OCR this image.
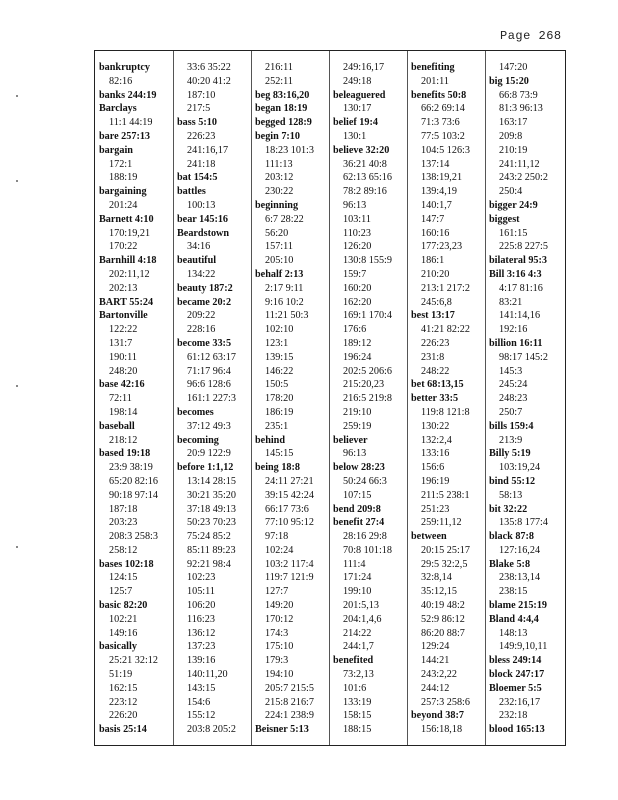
Page 268
bankruptcy
82:16
banks 244:19
Barclays
11:1 44:19
bare 257:13
bargain
172:1
188:19
bargaining
201:24
Barnett 4:10
170:19,21
170:22
Barnhill 4:18
202:11,12
202:13
BART 55:24
Bartonville
122:22
131:7
190:11
248:20
base 42:16
72:11
198:14
baseball
218:12
based 19:18
23:9 38:19
65:20 82:16
90:18 97:14
187:18
203:23
208:3 258:3
258:12
bases 102:18
124:15
125:7
basic 82:20
102:21
149:16
basically
25:21 32:12
51:19
162:15
223:12
226:20
basis 25:14
33:6 35:22
40:20 41:2
187:10
217:5
bass 5:10
226:23
241:16,17
241:18
bat 154:5
battles
100:13
bear 145:16
Beardstown
34:16
beautiful
134:22
beauty 187:2
became 20:2
209:22
228:16
become 33:5
61:12 63:17
71:17 96:4
96:6 128:6
161:1 227:3
becomes
37:12 49:3
becoming
20:9 122:9
before 1:1,12
13:14 28:15
30:21 35:20
37:18 49:13
50:23 70:23
75:24 85:2
85:11 89:23
92:21 98:4
102:23
105:11
106:20
116:23
136:12
137:23
139:16
140:11,20
143:15
154:6
155:12
203:8 205:2
216:11
252:11
beg 83:16,20
began 18:19
begged 128:9
begin 7:10
18:23 101:3
111:13
203:12
230:22
beginning
6:7 28:22
56:20
157:11
205:10
behalf 2:13
2:17 9:11
9:16 10:2
11:21 50:3
102:10
123:1
139:15
146:22
150:5
178:20
186:19
235:1
behind
145:15
being 18:8
24:11 27:21
39:15 42:24
66:17 73:6
77:10 95:12
97:18
102:24
103:2 117:4
119:7 121:9
127:7
149:20
170:12
174:3
175:10
179:3
194:10
205:7 215:5
215:8 216:7
224:1 238:9
Beisner 5:13
249:16,17
249:18
beleaguered
130:17
belief 19:4
130:1
believe 32:20
36:21 40:8
62:13 65:16
78:2 89:16
96:13
103:11
110:23
126:20
130:8 155:9
159:7
160:20
162:20
169:1 170:4
176:6
189:12
196:24
202:5 206:6
215:20,23
216:5 219:8
219:10
259:19
believer
96:13
below 28:23
50:24 66:3
107:15
bend 209:8
benefit 27:4
28:16 29:8
70:8 101:18
111:4
171:24
199:10
201:5,13
204:1,4,6
214:22
244:1,7
benefited
73:2,13
101:6
133:19
158:15
188:15
benefiting
201:11
benefits 50:8
66:2 69:14
71:3 73:6
77:5 103:2
104:5 126:3
137:14
138:19,21
139:4,19
140:1,7
147:7
160:16
177:23,23
186:1
210:20
213:1 217:2
245:6,8
best 13:17
41:21 82:22
226:23
231:8
248:22
bet 68:13,15
better 33:5
119:8 121:8
130:22
132:2,4
133:16
156:6
196:19
211:5 238:1
251:23
259:11,12
between
20:15 25:17
29:5 32:2,5
32:8,14
35:12,15
40:19 48:2
52:9 86:12
86:20 88:7
129:24
144:21
243:2,22
244:12
257:3 258:6
beyond 38:7
156:18,18
147:20
big 15:20
66:8 73:9
81:3 96:13
163:17
209:8
210:19
241:11,12
243:2 250:2
250:4
bigger 24:9
biggest
161:15
225:8 227:5
bilateral 95:3
Bill 3:16 4:3
4:17 81:16
83:21
141:14,16
192:16
billion 16:11
98:17 145:2
145:3
245:24
248:23
250:7
bills 159:4
213:9
Billy 5:19
103:19,24
bind 55:12
58:13
bit 32:22
135:8 177:4
black 87:8
127:16,24
Blake 5:8
238:13,14
238:15
blame 215:19
Bland 4:4,4
148:13
149:9,10,11
bless 249:14
block 247:17
Bloemer 5:5
232:16,17
232:18
blood 165:13
